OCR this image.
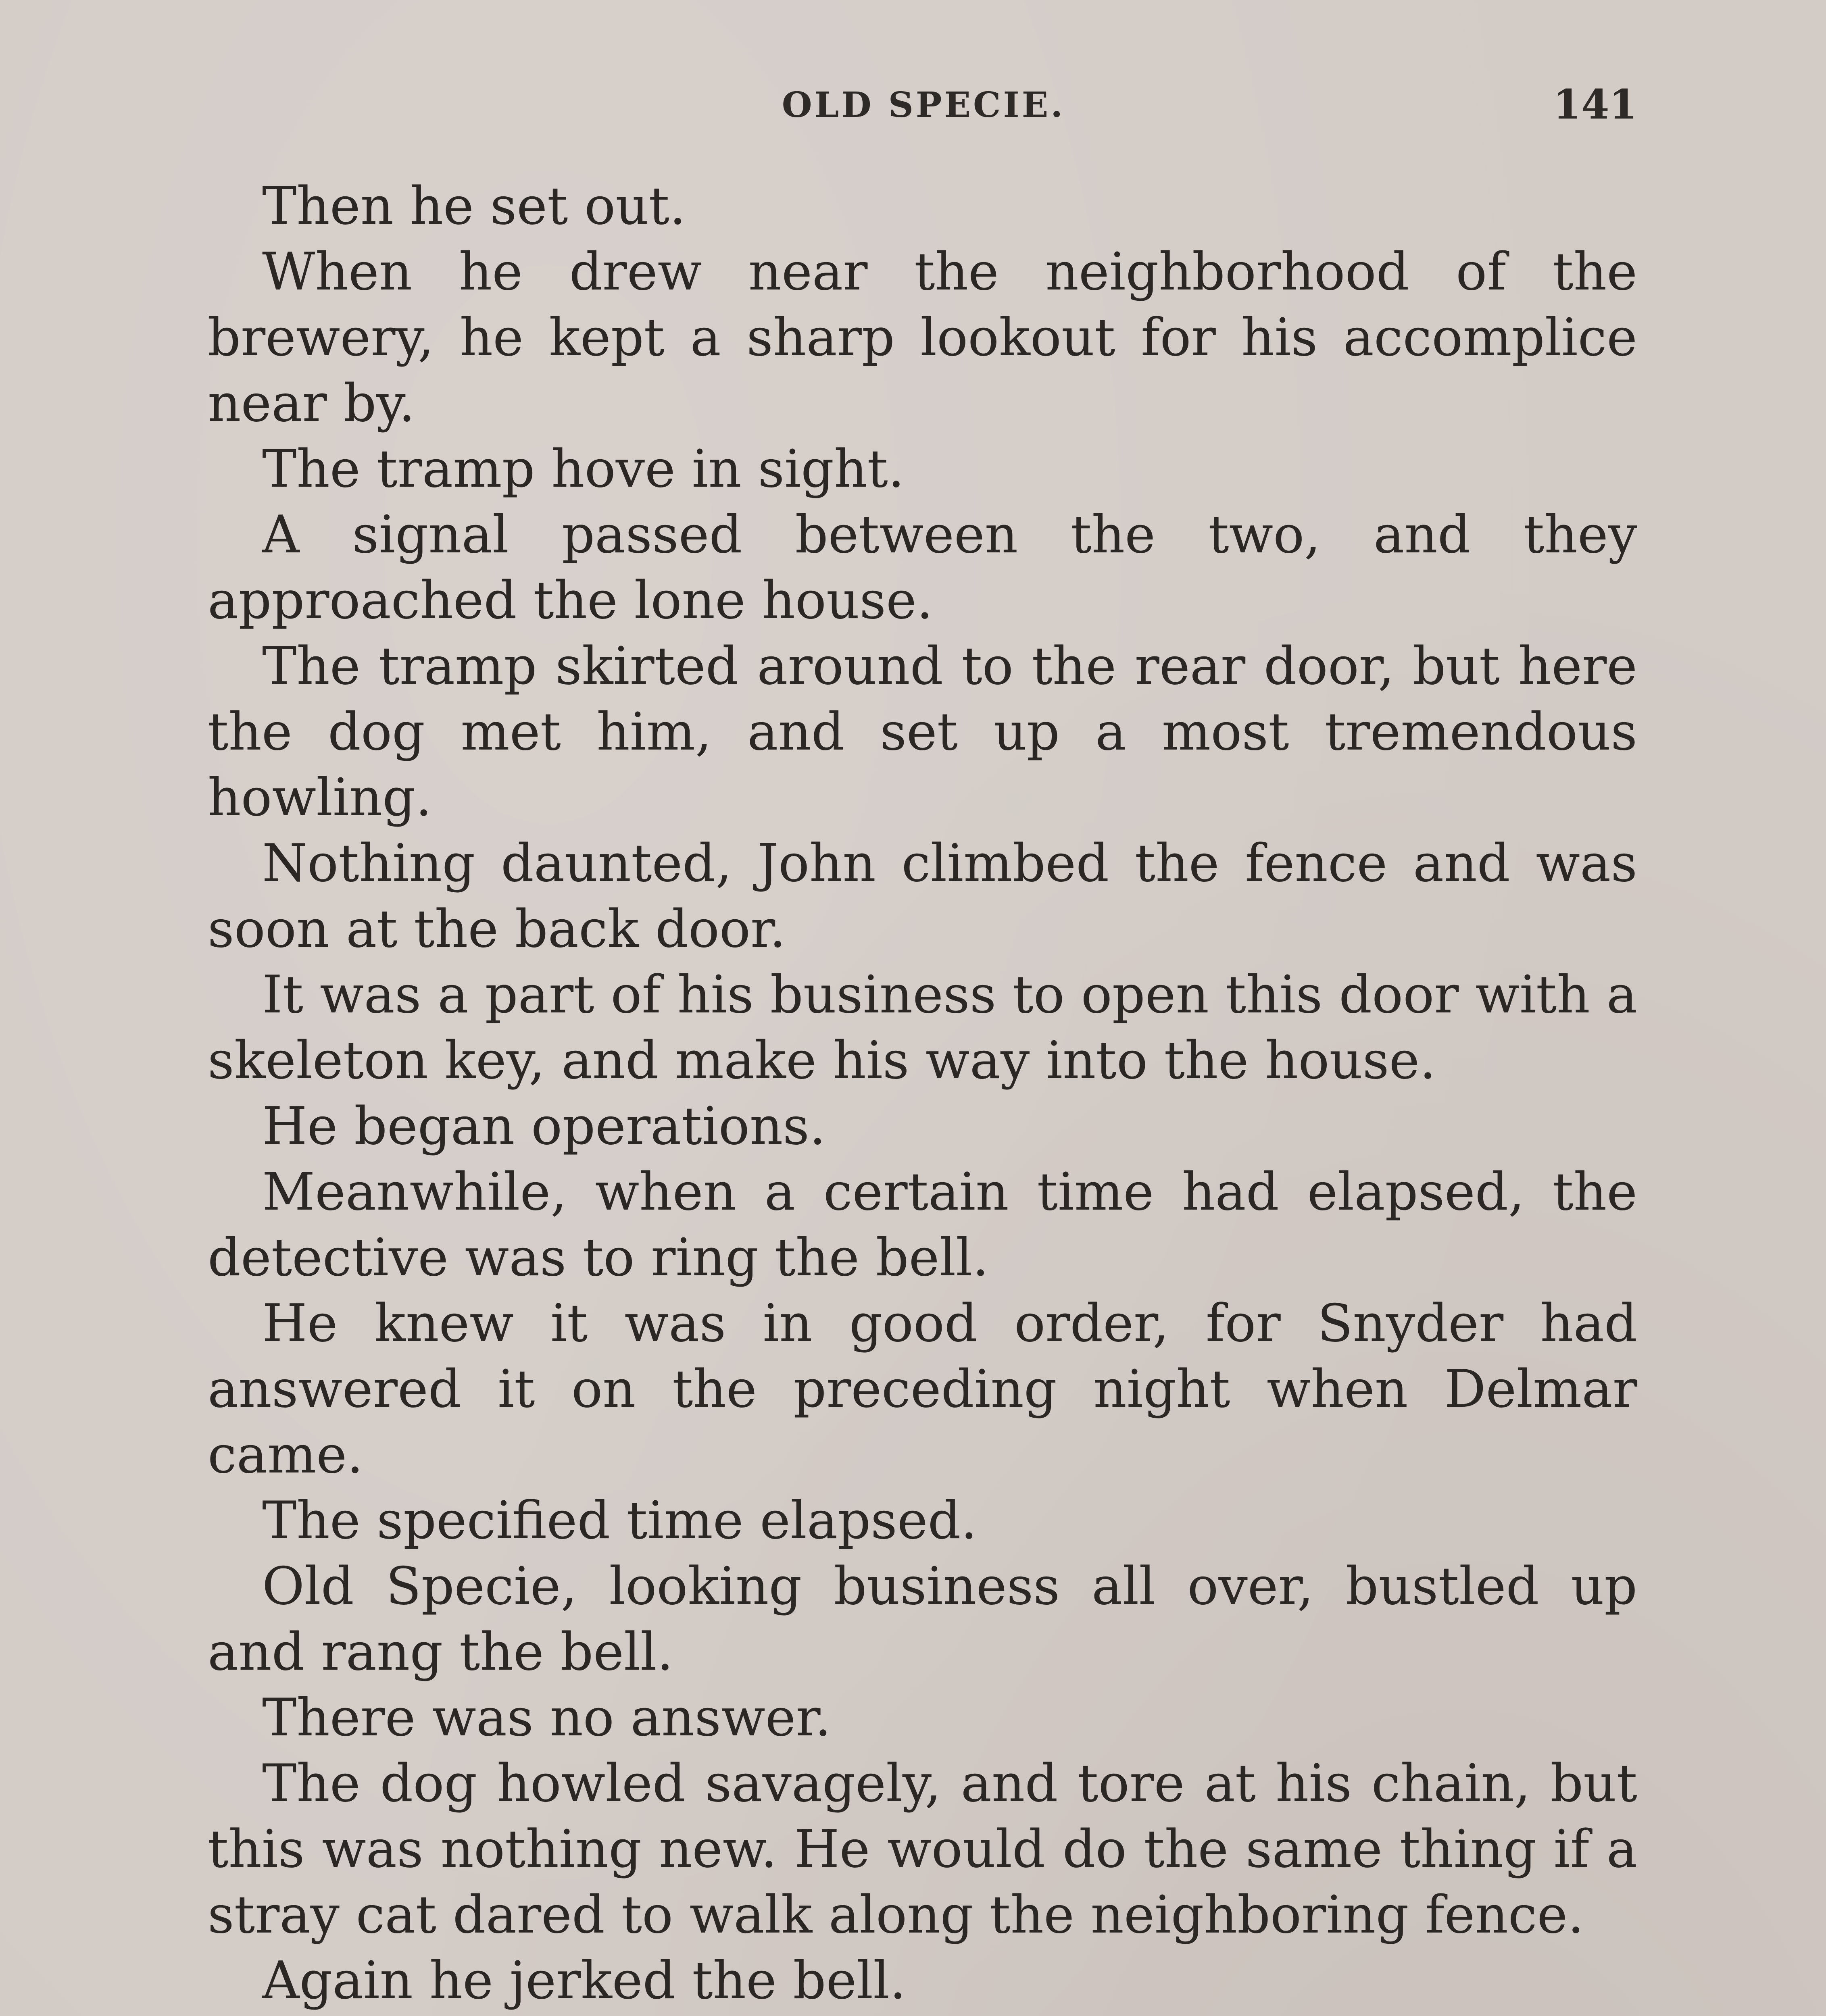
OLD SPECIE.	141

Then he set out.

When he drew near the neighborhood of the brewery, he kept a sharp lookout for his accomplice near by.

The tramp hove in sight.

A signal passed between the two, and they approached the lone house.

The tramp skirted around to the rear door, but here the dog met him, and set up a most tremendous howling.

Nothing daunted, John climbed the fence and was soon at the back door.

It was a part of his business to open this door with a skeleton key, and make his way into the house.

He began operations.

Meanwhile, when a certain time had elapsed, the detective was to ring the bell.

He knew it was in good order, for Snyder had answered it on the preceding night when Delmar came.

The specified time elapsed.

Old Specie, looking business all over, bustled up and rang the bell.

There was no answer.

The dog howled savagely, and tore at his chain, but this was nothing new. He would do the same thing if a stray cat dared to walk along the neighboring fence.

Again he jerked the bell.
